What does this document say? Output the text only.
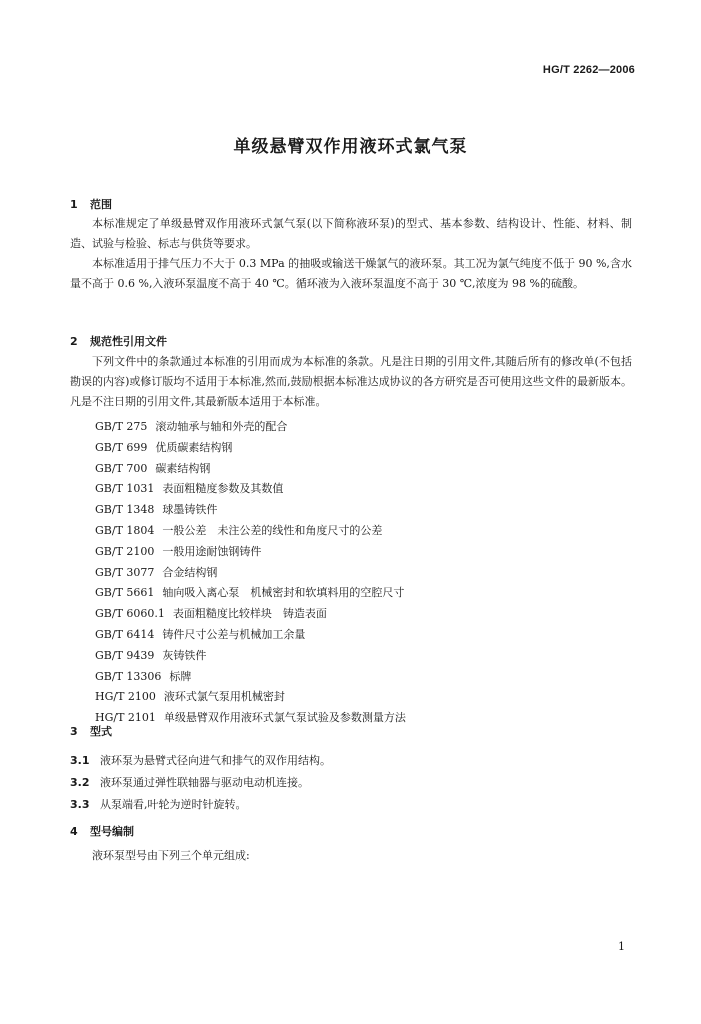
HG/T 2262—2006
单级悬臂双作用液环式氯气泵
1 范围

本标准规定了单级悬臂双作用液环式氯气泵(以下简称液环泵)的型式、基本参数、结构设计、性能、材料、制造、试验与检验、标志与供货等要求。

本标准适用于排气压力不大于 0.3 MPa 的抽吸或输送干燥氯气的液环泵。其工况为氯气纯度不低于 90 %,含水量不高于 0.6 %,入液环泵温度不高于 40 ℃。循环液为入液环泵温度不高于 30 ℃,浓度为 98 %的硫酸。

2 规范性引用文件

下列文件中的条款通过本标准的引用而成为本标准的条款。凡是注日期的引用文件,其随后所有的修改单(不包括勘误的内容)或修订版均不适用于本标准,然而,鼓励根据本标准达成协议的各方研究是否可使用这些文件的最新版本。凡是不注日期的引用文件,其最新版本适用于本标准。

GB/T 275 滚动轴承与轴和外壳的配合
GB/T 699 优质碳素结构钢
GB/T 700 碳素结构钢
GB/T 1031 表面粗糙度参数及其数值
GB/T 1348 球墨铸铁件
GB/T 1804 一般公差　未注公差的线性和角度尺寸的公差
GB/T 2100 一般用途耐蚀钢铸件
GB/T 3077 合金结构钢
GB/T 5661 轴向吸入离心泵　机械密封和软填料用的空腔尺寸
GB/T 6060.1 表面粗糙度比较样块　铸造表面
GB/T 6414 铸件尺寸公差与机械加工余量
GB/T 9439 灰铸铁件
GB/T 13306 标牌
HG/T 2100 液环式氯气泵用机械密封
HG/T 2101 单级悬臂双作用液环式氯气泵试验及参数测量方法
3 型式
3.1 液环泵为悬臂式径向进气和排气的双作用结构。
3.2 液环泵通过弹性联轴器与驱动电动机连接。
3.3 从泵端看,叶轮为逆时针旋转。
4 型号编制

液环泵型号由下列三个单元组成:

1
